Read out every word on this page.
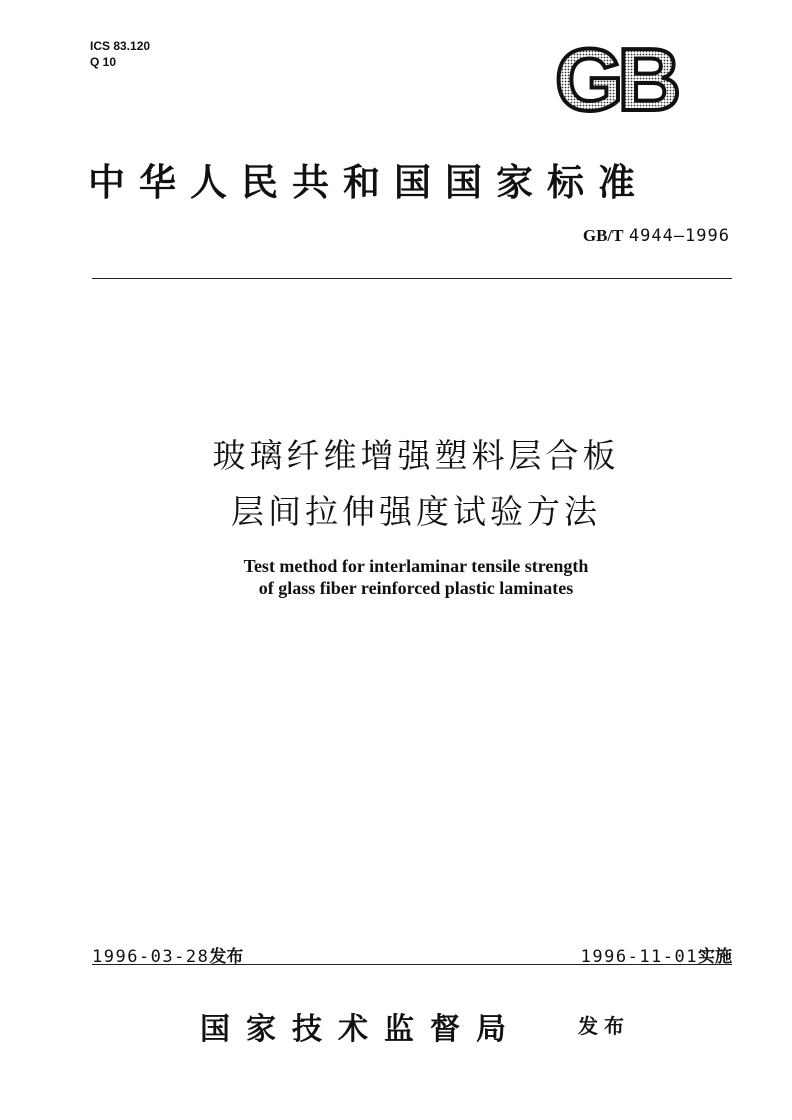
ICS 83.120
Q 10	GB
中华人民共和国国家标准
GB/T 4944—1996
玻璃纤维增强塑料层合板
层间拉伸强度试验方法
Test method for interlaminar tensile strength
of glass fiber reinforced plastic laminates
1996-03-28发布	1996-11-01实施
国家技术监督局	发布
